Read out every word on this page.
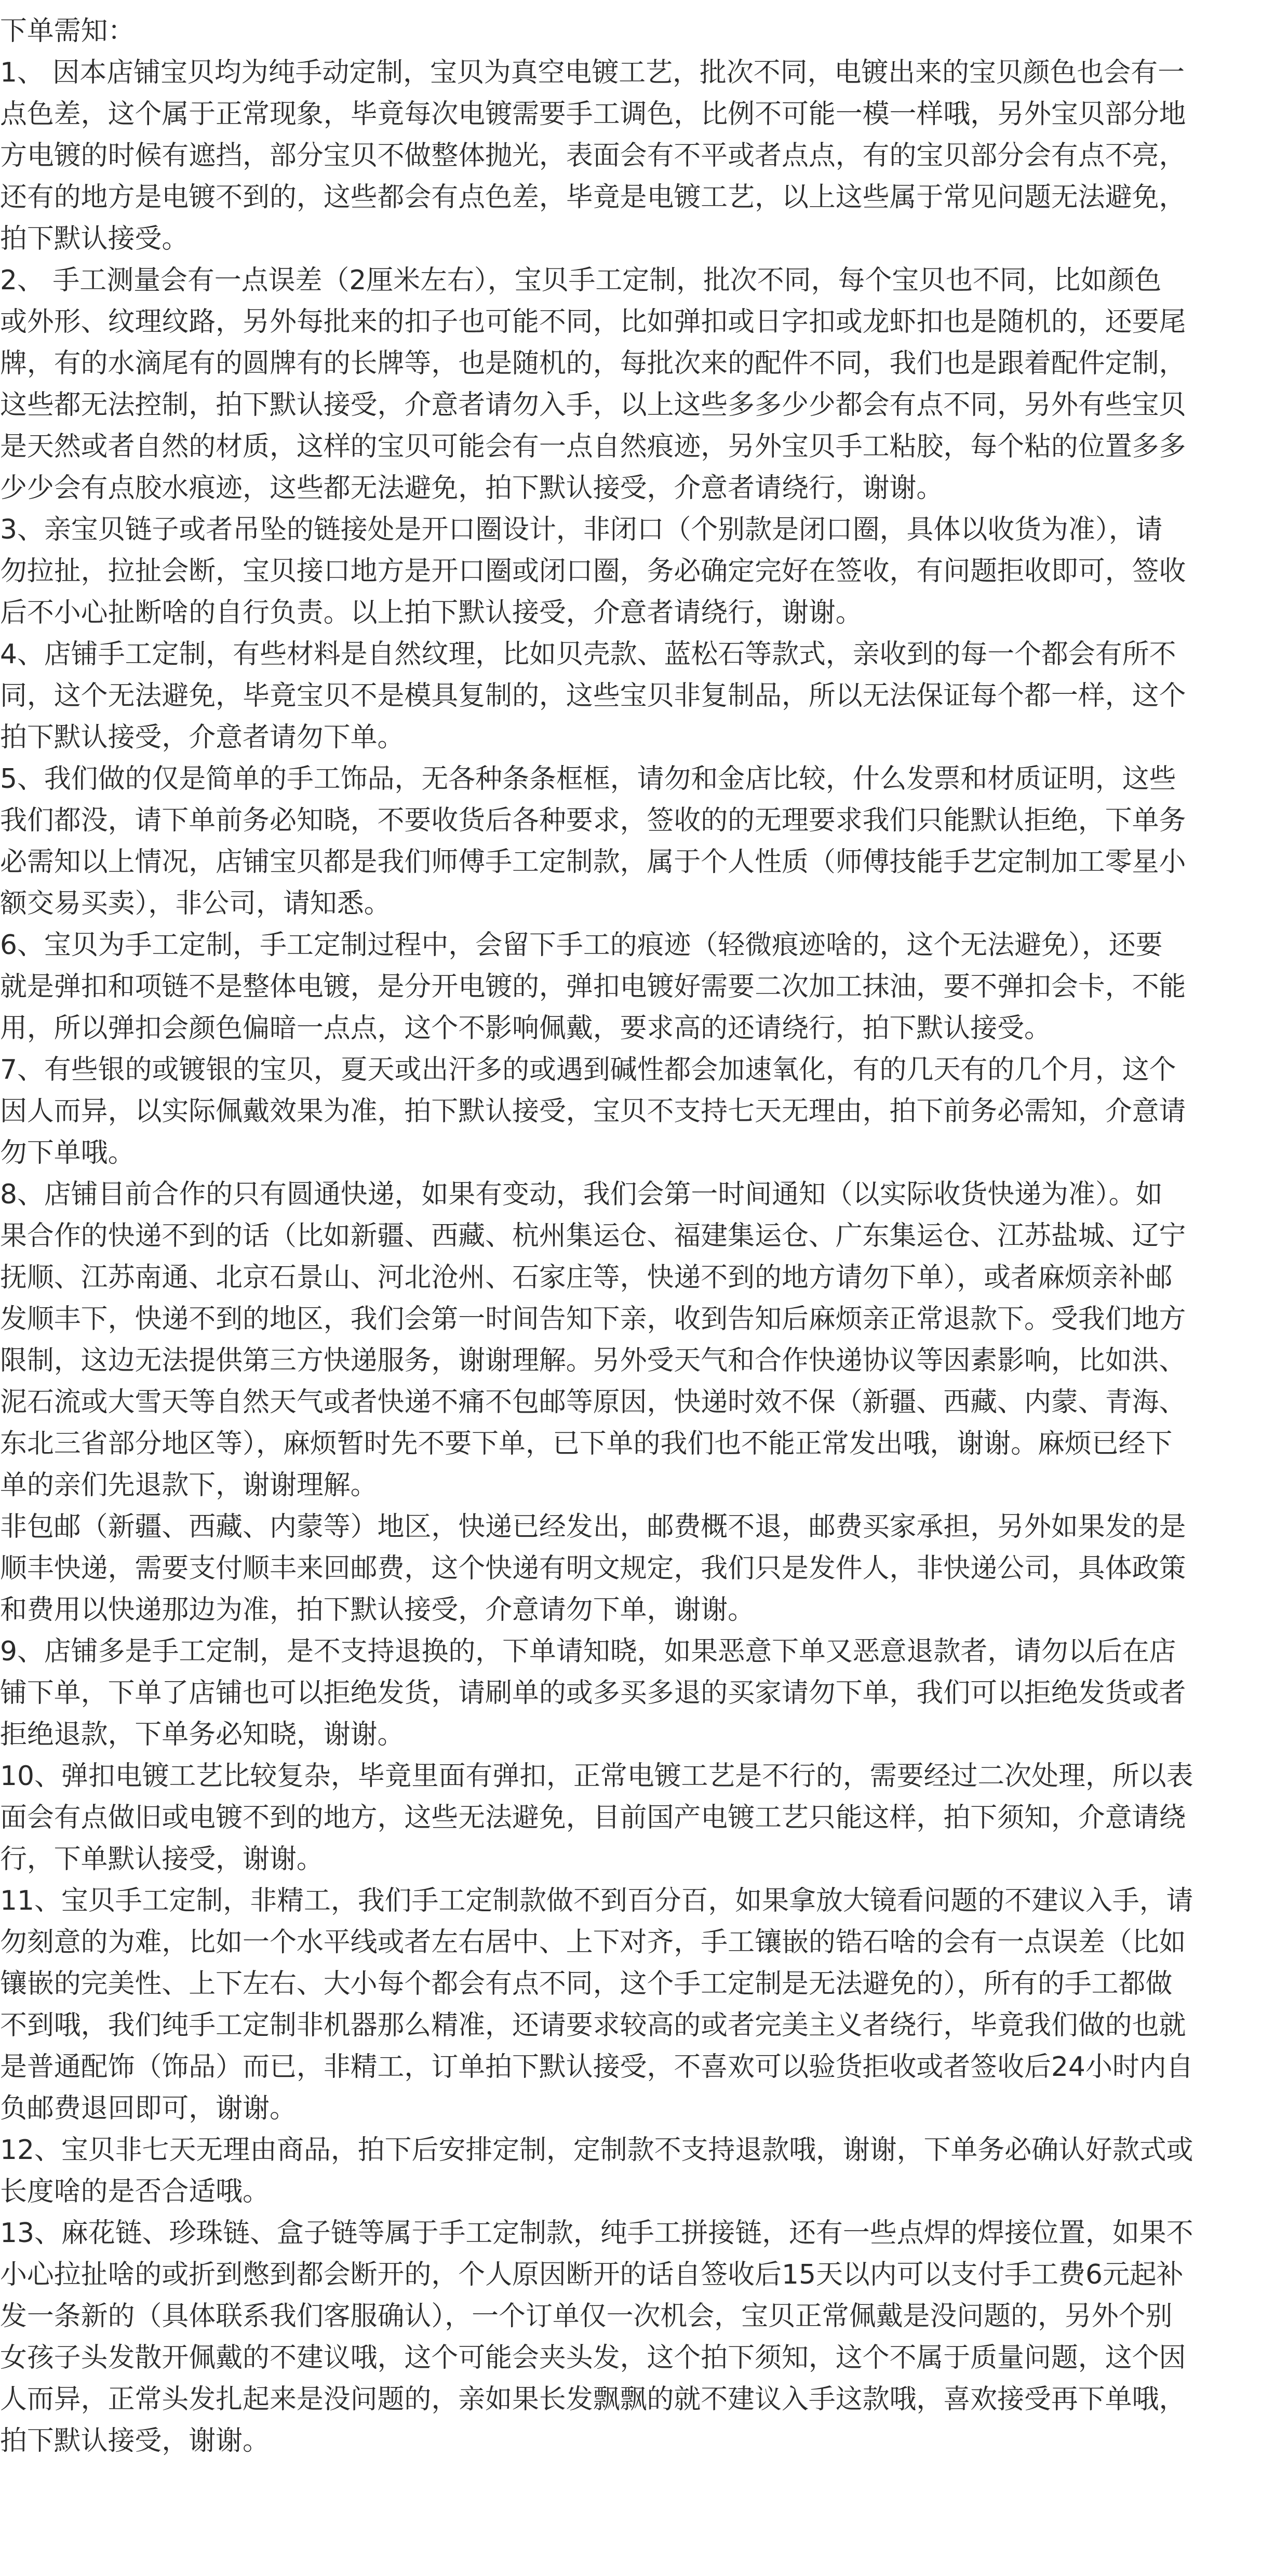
下单需知：
1、 因本店铺宝贝均为纯手动定制，宝贝为真空电镀工艺，批次不同，电镀出来的宝贝颜色也会有一
点色差，这个属于正常现象，毕竟每次电镀需要手工调色，比例不可能一模一样哦，另外宝贝部分地
方电镀的时候有遮挡，部分宝贝不做整体抛光，表面会有不平或者点点，有的宝贝部分会有点不亮，
还有的地方是电镀不到的，这些都会有点色差，毕竟是电镀工艺，以上这些属于常见问题无法避免，
拍下默认接受。
2、 手工测量会有一点误差（2厘米左右），宝贝手工定制，批次不同，每个宝贝也不同，比如颜色
或外形、纹理纹路，另外每批来的扣子也可能不同，比如弹扣或日字扣或龙虾扣也是随机的，还要尾
牌，有的水滴尾有的圆牌有的长牌等，也是随机的，每批次来的配件不同，我们也是跟着配件定制，
这些都无法控制，拍下默认接受，介意者请勿入手，以上这些多多少少都会有点不同，另外有些宝贝
是天然或者自然的材质，这样的宝贝可能会有一点自然痕迹，另外宝贝手工粘胶，每个粘的位置多多
少少会有点胶水痕迹，这些都无法避免，拍下默认接受，介意者请绕行，谢谢。
3、亲宝贝链子或者吊坠的链接处是开口圈设计，非闭口（个别款是闭口圈，具体以收货为准），请
勿拉扯，拉扯会断，宝贝接口地方是开口圈或闭口圈，务必确定完好在签收，有问题拒收即可，签收
后不小心扯断啥的自行负责。以上拍下默认接受，介意者请绕行，谢谢。
4、店铺手工定制，有些材料是自然纹理，比如贝壳款、蓝松石等款式，亲收到的每一个都会有所不
同，这个无法避免，毕竟宝贝不是模具复制的，这些宝贝非复制品，所以无法保证每个都一样，这个
拍下默认接受，介意者请勿下单。
5、我们做的仅是简单的手工饰品，无各种条条框框，请勿和金店比较，什么发票和材质证明，这些
我们都没，请下单前务必知晓，不要收货后各种要求，签收的的无理要求我们只能默认拒绝，下单务
必需知以上情况，店铺宝贝都是我们师傅手工定制款，属于个人性质（师傅技能手艺定制加工零星小
额交易买卖），非公司，请知悉。
6、宝贝为手工定制，手工定制过程中，会留下手工的痕迹（轻微痕迹啥的，这个无法避免），还要
就是弹扣和项链不是整体电镀，是分开电镀的，弹扣电镀好需要二次加工抹油，要不弹扣会卡，不能
用，所以弹扣会颜色偏暗一点点，这个不影响佩戴，要求高的还请绕行，拍下默认接受。
7、有些银的或镀银的宝贝，夏天或出汗多的或遇到碱性都会加速氧化，有的几天有的几个月，这个
因人而异，以实际佩戴效果为准，拍下默认接受，宝贝不支持七天无理由，拍下前务必需知，介意请
勿下单哦。
8、店铺目前合作的只有圆通快递，如果有变动，我们会第一时间通知（以实际收货快递为准）。如
果合作的快递不到的话（比如新疆、西藏、杭州集运仓、福建集运仓、广东集运仓、江苏盐城、辽宁
抚顺、江苏南通、北京石景山、河北沧州、石家庄等，快递不到的地方请勿下单），或者麻烦亲补邮
发顺丰下，快递不到的地区，我们会第一时间告知下亲，收到告知后麻烦亲正常退款下。受我们地方
限制，这边无法提供第三方快递服务，谢谢理解。另外受天气和合作快递协议等因素影响，比如洪、
泥石流或大雪天等自然天气或者快递不痛不包邮等原因，快递时效不保（新疆、西藏、内蒙、青海、
东北三省部分地区等），麻烦暂时先不要下单，已下单的我们也不能正常发出哦，谢谢。麻烦已经下
单的亲们先退款下，谢谢理解。
非包邮（新疆、西藏、内蒙等）地区，快递已经发出，邮费概不退，邮费买家承担，另外如果发的是
顺丰快递，需要支付顺丰来回邮费，这个快递有明文规定，我们只是发件人，非快递公司，具体政策
和费用以快递那边为准，拍下默认接受，介意请勿下单，谢谢。
9、店铺多是手工定制，是不支持退换的，下单请知晓，如果恶意下单又恶意退款者，请勿以后在店
铺下单，下单了店铺也可以拒绝发货，请刷单的或多买多退的买家请勿下单，我们可以拒绝发货或者
拒绝退款，下单务必知晓，谢谢。
10、弹扣电镀工艺比较复杂，毕竟里面有弹扣，正常电镀工艺是不行的，需要经过二次处理，所以表
面会有点做旧或电镀不到的地方，这些无法避免，目前国产电镀工艺只能这样，拍下须知，介意请绕
行，下单默认接受，谢谢。
11、宝贝手工定制，非精工，我们手工定制款做不到百分百，如果拿放大镜看问题的不建议入手，请
勿刻意的为难，比如一个水平线或者左右居中、上下对齐，手工镶嵌的锆石啥的会有一点误差（比如
镶嵌的完美性、上下左右、大小每个都会有点不同，这个手工定制是无法避免的），所有的手工都做
不到哦，我们纯手工定制非机器那么精准，还请要求较高的或者完美主义者绕行，毕竟我们做的也就
是普通配饰（饰品）而已，非精工，订单拍下默认接受，不喜欢可以验货拒收或者签收后24小时内自
负邮费退回即可，谢谢。
12、宝贝非七天无理由商品，拍下后安排定制，定制款不支持退款哦，谢谢，下单务必确认好款式或
长度啥的是否合适哦。
13、麻花链、珍珠链、盒子链等属于手工定制款，纯手工拼接链，还有一些点焊的焊接位置，如果不
小心拉扯啥的或折到憋到都会断开的，个人原因断开的话自签收后15天以内可以支付手工费6元起补
发一条新的（具体联系我们客服确认），一个订单仅一次机会，宝贝正常佩戴是没问题的，另外个别
女孩子头发散开佩戴的不建议哦，这个可能会夹头发，这个拍下须知，这个不属于质量问题，这个因
人而异，正常头发扎起来是没问题的，亲如果长发飘飘的就不建议入手这款哦，喜欢接受再下单哦，
拍下默认接受，谢谢。
